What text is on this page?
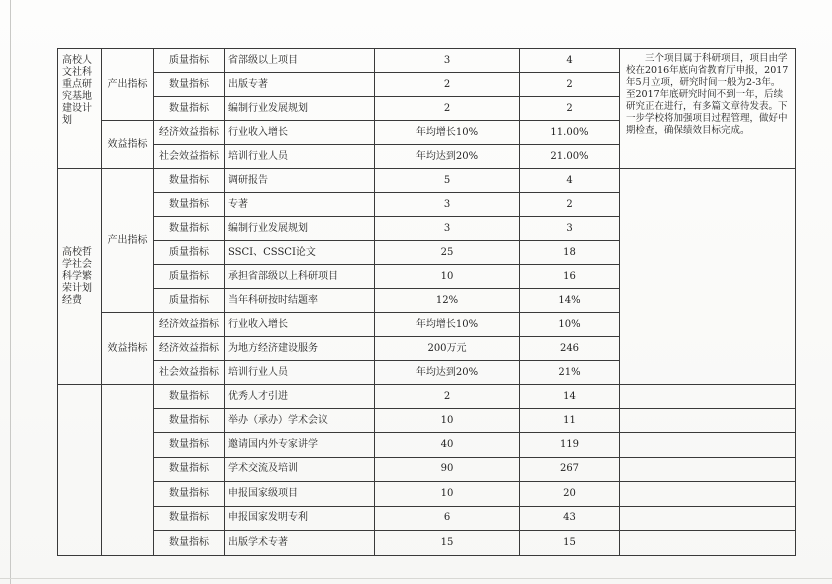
高校人文社科重点研究基地建设计划	产出指标	质量指标	省部级以上项目	3	4	三个项目属于科研项目，项目由学校在2016年底向省教育厅申报，2017年5月立项，研究时间一般为2-3年。至2017年底研究时间不到一年，后续研究正在进行，有多篇文章待发表。下一步学校将加强项目过程管理，做好中期检查，确保绩效目标完成。
		数量指标	出版专著	2	2	
		数量指标	编制行业发展规划	2	2	
	效益指标	经济效益指标	行业收入增长	年均增长10%	11.00%	
		社会效益指标	培训行业人员	年均达到20%	21.00%	
高校哲学社会科学繁荣计划经费	产出指标	数量指标	调研报告	5	4	
		数量指标	专著	3	2	
		数量指标	编制行业发展规划	3	3	
		质量指标	SSCI、CSSCI论文	25	18	
		质量指标	承担省部级以上科研项目	10	16	
		质量指标	当年科研按时结题率	12%	14%	
	效益指标	经济效益指标	行业收入增长	年均增长10%	10%	
		经济效益指标	为地方经济建设服务	200万元	246	
		社会效益指标	培训行业人员	年均达到20%	21%	
		数量指标	优秀人才引进	2	14	
		数量指标	举办（承办）学术会议	10	11	
		数量指标	邀请国内外专家讲学	40	119	
		数量指标	学术交流及培训	90	267	
		数量指标	申报国家级项目	10	20	
		数量指标	申报国家发明专利	6	43	
		数量指标	出版学术专著	15	15	
